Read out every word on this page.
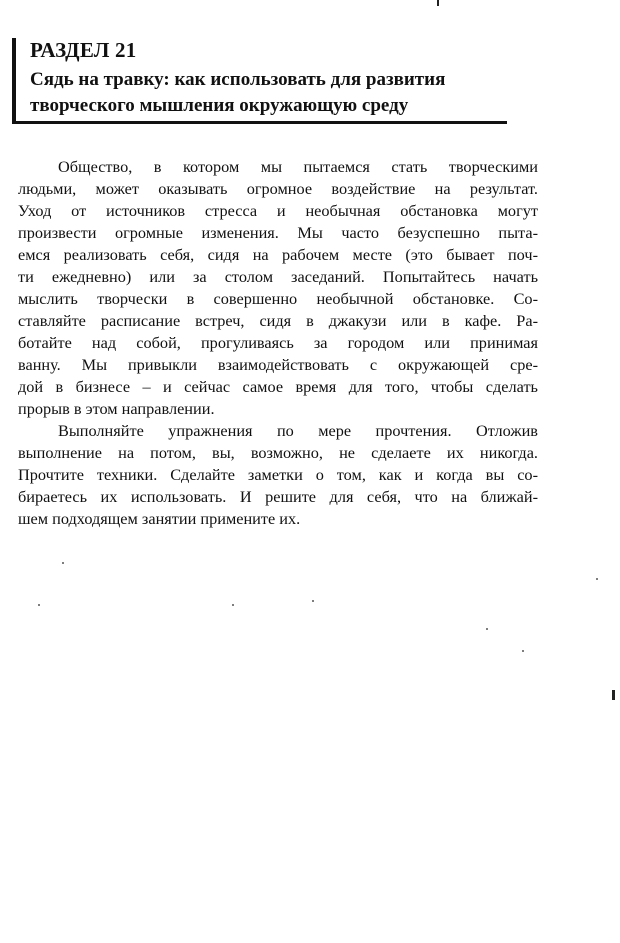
РАЗДЕЛ 21
Сядь на травку: как использовать для развития
творческого мышления окружающую среду
Общество, в котором мы пытаемся стать творческими
людьми, может оказывать огромное воздействие на результат.
Уход от источников стресса и необычная обстановка могут
произвести огромные изменения. Мы часто безуспешно пыта-
емся реализовать себя, сидя на рабочем месте (это бывает поч-
ти ежедневно) или за столом заседаний. Попытайтесь начать
мыслить творчески в совершенно необычной обстановке. Со-
ставляйте расписание встреч, сидя в джакузи или в кафе. Ра-
ботайте над собой, прогуливаясь за городом или принимая
ванну. Мы привыкли взаимодействовать с окружающей сре-
дой в бизнесе – и сейчас самое время для того, чтобы сделать
прорыв в этом направлении.
Выполняйте упражнения по мере прочтения. Отложив
выполнение на потом, вы, возможно, не сделаете их никогда.
Прочтите техники. Сделайте заметки о том, как и когда вы со-
бираетесь их использовать. И решите для себя, что на ближай-
шем подходящем занятии примените их.
